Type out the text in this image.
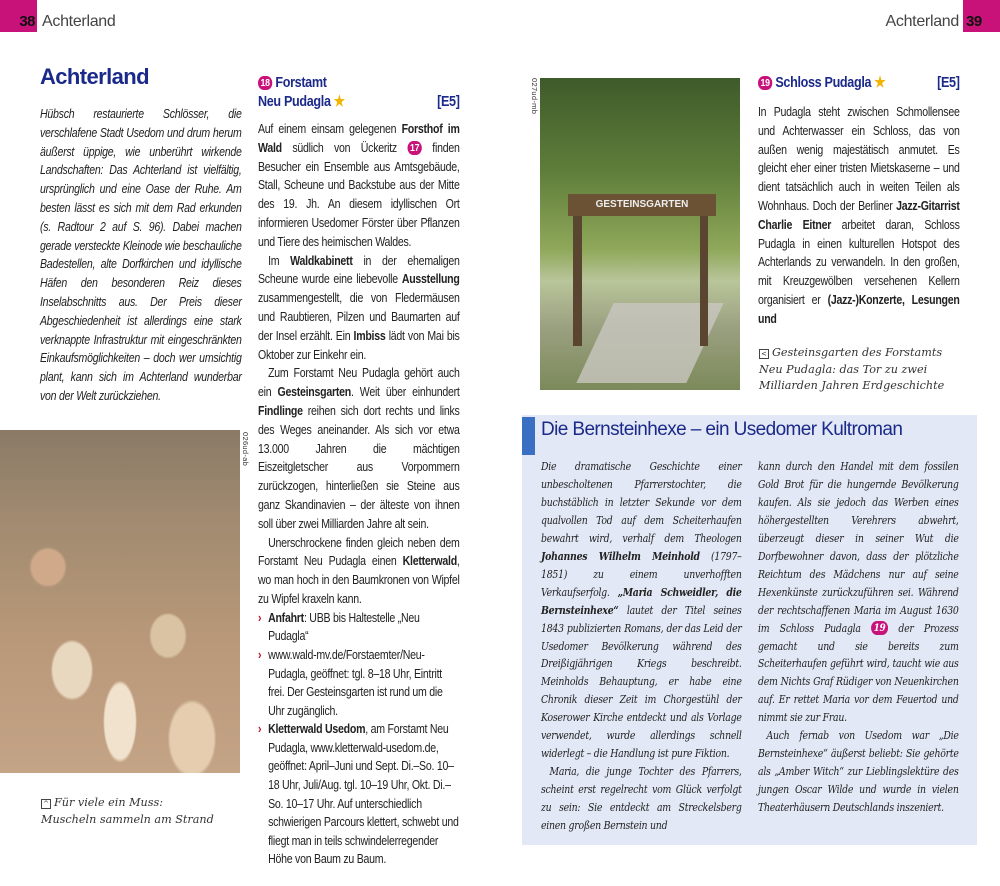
38 Achterland	39
Achterland
Achterland
Hübsch restaurierte Schlösser, die verschlafene Stadt Usedom und drum herum äußerst üppige, wie unberührt wirkende Landschaften: Das Achterland ist vielfältig, ursprünglich und eine Oase der Ruhe. Am besten lässt es sich mit dem Rad erkunden (s. Radtour 2 auf S. 96). Dabei machen gerade versteckte Kleinode wie beschauliche Badestellen, alte Dorfkirchen und idyllische Häfen den besonderen Reiz dieses Inselabschnitts aus. Der Preis dieser Abgeschiedenheit ist allerdings eine stark verknappte Infrastruktur mit eingeschränkten Einkaufsmöglichkeiten – doch wer umsichtig plant, kann sich im Achterland wunderbar von der Welt zurückziehen.
026ud-ab
^ Für viele ein Muss:
Muscheln sammeln am Strand
18 Forstamt
Neu Pudagla ★	[E5]

Auf einem einsam gelegenen Forsthof im Wald südlich von Ückeritz 17 finden Besucher ein Ensemble aus Amtsgebäude, Stall, Scheune und Backstube aus der Mitte des 19. Jh. An diesem idyllischen Ort informieren Usedomer Förster über Pflanzen und Tiere des heimischen Waldes.

Im Waldkabinett in der ehemaligen Scheune wurde eine liebevolle Ausstellung zusammengestellt, die von Fledermäusen und Raubtieren, Pilzen und Baumarten auf der Insel erzählt. Ein Imbiss lädt von Mai bis Oktober zur Einkehr ein.

Zum Forstamt Neu Pudagla gehört auch ein Gesteinsgarten. Weit über einhundert Findlinge reihen sich dort rechts und links des Weges aneinander. Als sich vor etwa 13.000 Jahren die mächtigen Eiszeitgletscher aus Vorpommern zurückzogen, hinterließen sie Steine aus ganz Skandinavien – der älteste von ihnen soll über zwei Milliarden Jahre alt sein.

Unerschrockene finden gleich neben dem Forstamt Neu Pudagla einen Kletterwald, wo man hoch in den Baumkronen von Wipfel zu Wipfel kraxeln kann.

› Anfahrt: UBB bis Haltestelle „Neu Pudagla“
› www.wald-mv.de/Forstaemter/Neu-Pudagla, geöffnet: tgl. 8–18 Uhr, Eintritt frei. Der Gesteinsgarten ist rund um die Uhr zugänglich.
› Kletterwald Usedom, am Forstamt Neu Pudagla, www.kletterwald-usedom.de, geöffnet: April–Juni und Sept. Di.–So. 10–18 Uhr, Juli/Aug. tgl. 10–19 Uhr, Okt. Di.–So. 10–17 Uhr. Auf unterschiedlich schwierigen Parcours klettert, schwebt und fliegt man in teils schwindelerregender Höhe von Baum zu Baum.
GESTEINSGARTEN
027ud-mb
< Gesteinsgarten des Forstamts
Neu Pudagla: das Tor zu zwei
Milliarden Jahren Erdgeschichte
19 Schloss Pudagla ★	[E5]

In Pudagla steht zwischen Schmollensee und Achterwasser ein Schloss, das von außen wenig majestätisch anmutet. Es gleicht eher einer tristen Mietskaserne – und dient tatsächlich auch in weiten Teilen als Wohnhaus. Doch der Berliner Jazz-Gitarrist Charlie Eitner arbeitet daran, Schloss Pudagla in einen kulturellen Hotspot des Achterlands zu verwandeln. In den großen, mit Kreuzgewölben versehenen Kellern organisiert er (Jazz-)Konzerte, Lesungen und

Die Bernsteinhexe – ein Usedomer Kultroman

Die dramatische Geschichte einer unbescholtenen Pfarrerstochter, die buchstäblich in letzter Sekunde vor dem qualvollen Tod auf dem Scheiterhaufen bewahrt wird, verhalf dem Theologen Johannes Wilhelm Meinhold (1797–1851) zu einem unverhofften Verkaufserfolg. „Maria Schweidler, die Bernsteinhexe“ lautet der Titel seines 1843 publizierten Romans, der das Leid der Usedomer Bevölkerung während des Dreißigjährigen Kriegs beschreibt. Meinholds Behauptung, er habe eine Chronik dieser Zeit im Chorgestühl der Koserower Kirche entdeckt und als Vorlage verwendet, wurde allerdings schnell widerlegt – die Handlung ist pure Fiktion.

Maria, die junge Tochter des Pfarrers, scheint erst regelrecht vom Glück verfolgt zu sein: Sie entdeckt am Streckelsberg einen großen Bernstein und

kann durch den Handel mit dem fossilen Gold Brot für die hungernde Bevölkerung kaufen. Als sie jedoch das Werben eines höhergestellten Verehrers abwehrt, überzeugt dieser in seiner Wut die Dorfbewohner davon, dass der plötzliche Reichtum des Mädchens nur auf seine Hexenkünste zurückzuführen sei. Während der rechtschaffenen Maria im August 1630 im Schloss Pudagla 19 der Prozess gemacht und sie bereits zum Scheiterhaufen geführt wird, taucht wie aus dem Nichts Graf Rüdiger von Neuenkirchen auf. Er rettet Maria vor dem Feuertod und nimmt sie zur Frau.

Auch fernab von Usedom war „Die Bernsteinhexe“ äußerst beliebt: Sie gehörte als „Amber Witch“ zur Lieblingslektüre des jungen Oscar Wilde und wurde in vielen Theaterhäusern Deutschlands inszeniert.
